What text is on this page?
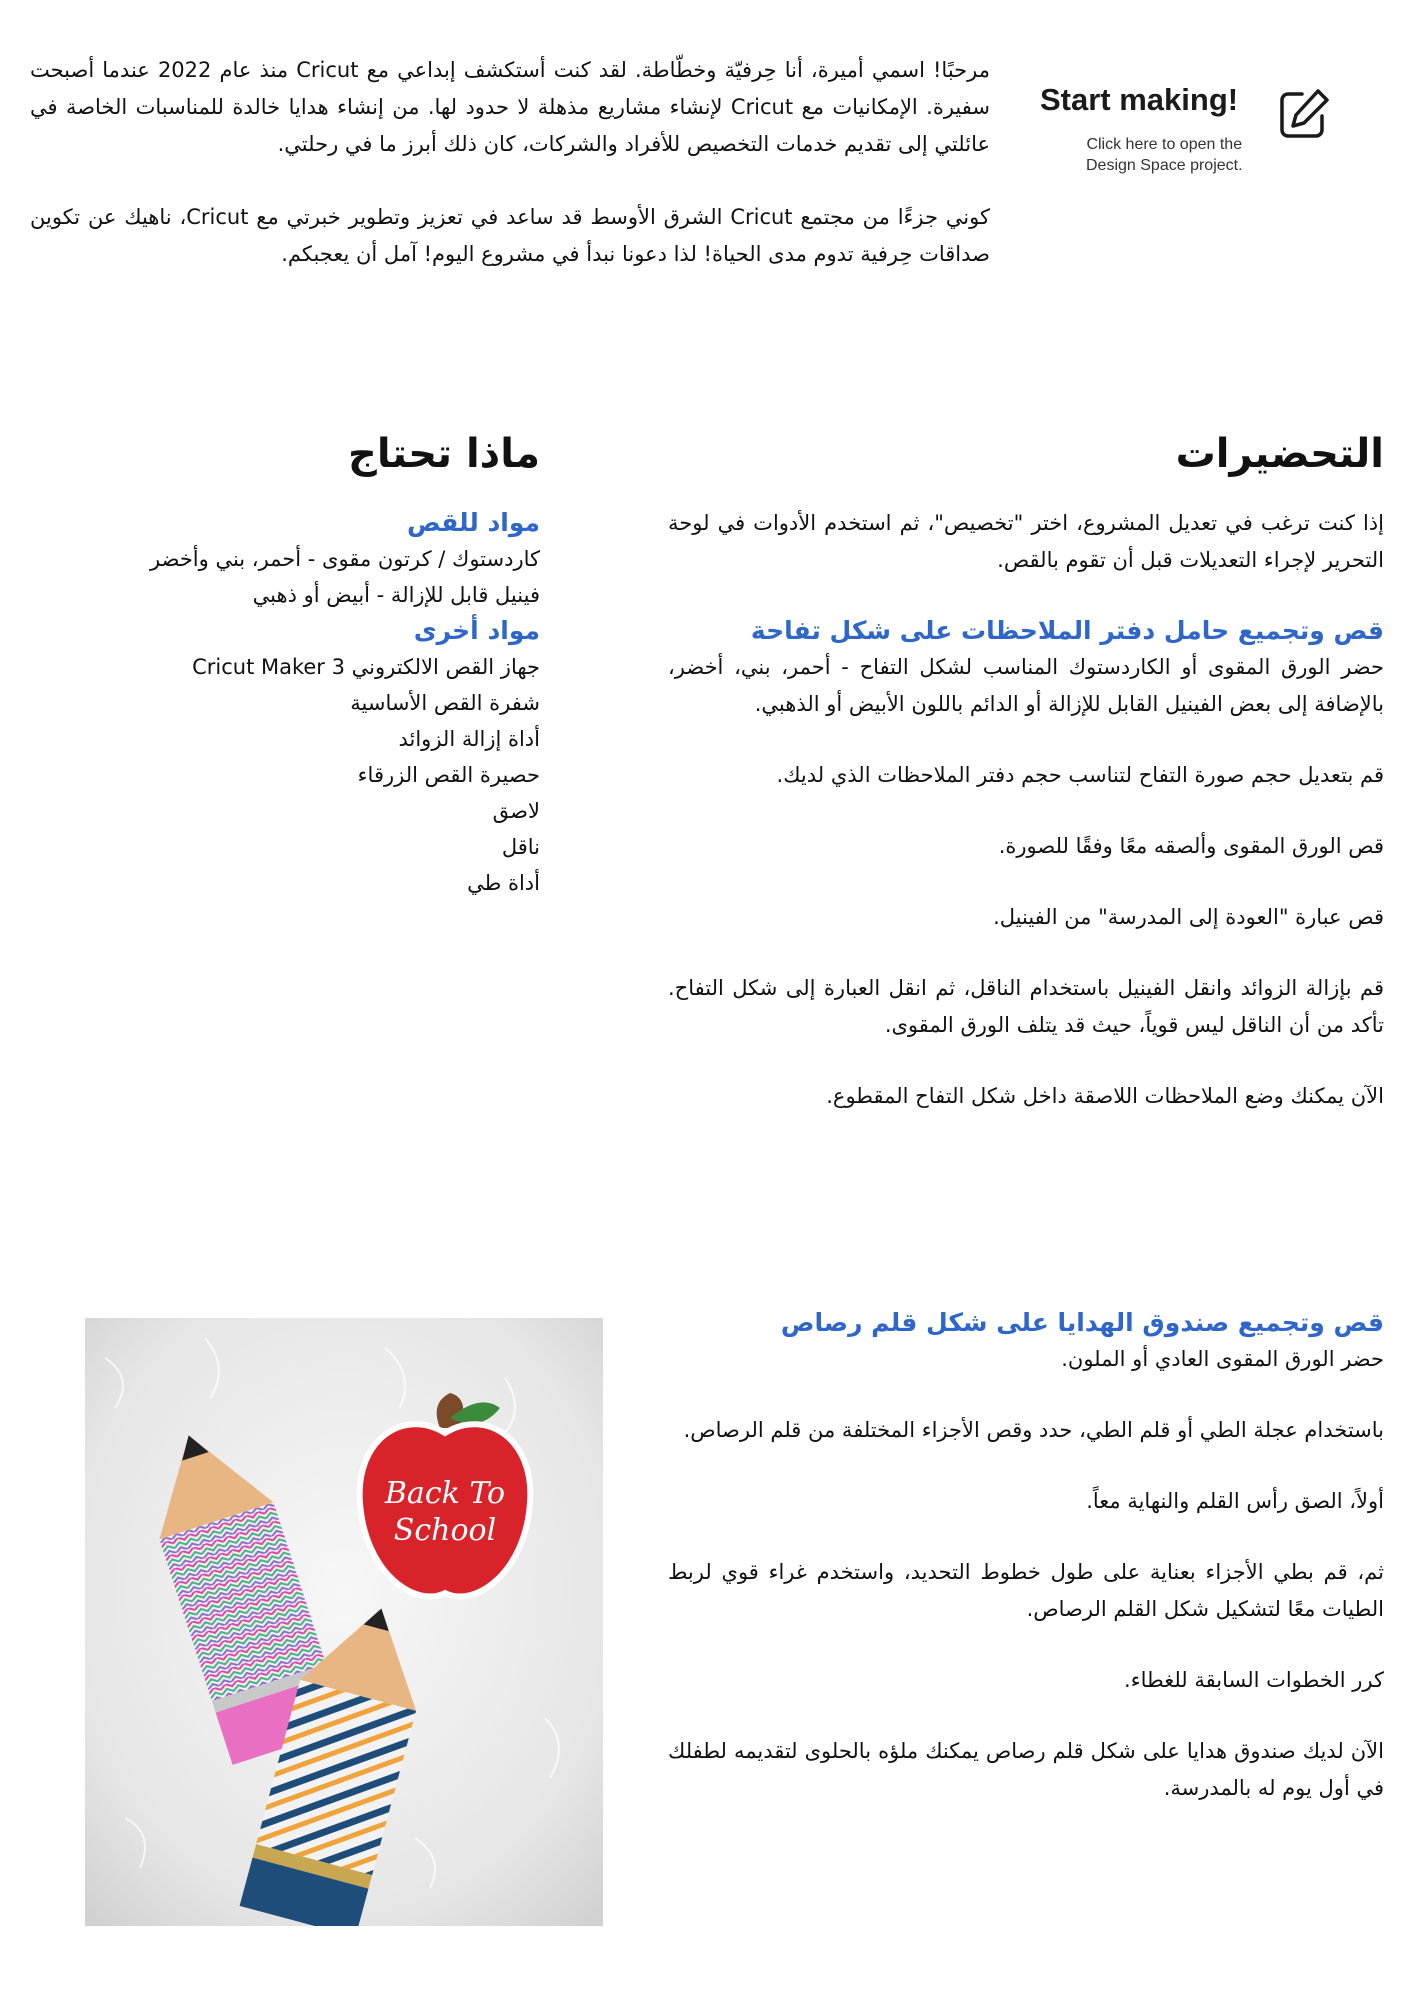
مرحبًا! اسمي أميرة، أنا حِرفيّة وخطّاطة. لقد كنت أستكشف إبداعي مع Cricut منذ عام 2022 عندما أصبحت سفيرة. الإمكانيات مع Cricut لإنشاء مشاريع مذهلة لا حدود لها. من إنشاء هدايا خالدة للمناسبات الخاصة في عائلتي إلى تقديم خدمات التخصيص للأفراد والشركات، كان ذلك أبرز ما في رحلتي.

كوني جزءًا من مجتمع Cricut الشرق الأوسط قد ساعد في تعزيز وتطوير خبرتي مع Cricut، ناهيك عن تكوين صداقات حِرفية تدوم مدى الحياة! لذا دعونا نبدأ في مشروع اليوم! آمل أن يعجبكم.

Start making!
Click here to open the
Design Space project.
التحضيرات
ماذا تحتاج

إذا كنت ترغب في تعديل المشروع، اختر "تخصيص"، ثم استخدم الأدوات في لوحة التحرير لإجراء التعديلات قبل أن تقوم بالقص.

قص وتجميع حامل دفتر الملاحظات على شكل تفاحة

حضر الورق المقوى أو الكاردستوك المناسب لشكل التفاح - أحمر، بني، أخضر، بالإضافة إلى بعض الفينيل القابل للإزالة أو الدائم باللون الأبيض أو الذهبي.

قم بتعديل حجم صورة التفاح لتناسب حجم دفتر الملاحظات الذي لديك.

قص الورق المقوى وألصقه معًا وفقًا للصورة.

قص عبارة "العودة إلى المدرسة" من الفينيل.

قم بإزالة الزوائد وانقل الفينيل باستخدام الناقل، ثم انقل العبارة إلى شكل التفاح. تأكد من أن الناقل ليس قوياً، حيث قد يتلف الورق المقوى.

الآن يمكنك وضع الملاحظات اللاصقة داخل شكل التفاح المقطوع.

قص وتجميع صندوق الهدايا على شكل قلم رصاص

حضر الورق المقوى العادي أو الملون.

باستخدام عجلة الطي أو قلم الطي، حدد وقص الأجزاء المختلفة من قلم الرصاص.

أولاً، الصق رأس القلم والنهاية معاً.

ثم، قم بطي الأجزاء بعناية على طول خطوط التحديد، واستخدم غراء قوي لربط الطيات معًا لتشكيل شكل القلم الرصاص.

كرر الخطوات السابقة للغطاء.

الآن لديك صندوق هدايا على شكل قلم رصاص يمكنك ملؤه بالحلوى لتقديمه لطفلك في أول يوم له بالمدرسة.

مواد للقص
كاردستوك / كرتون مقوى - أحمر، بني وأخضر
فينيل قابل للإزالة - أبيض أو ذهبي
مواد أخرى
جهاز القص الالكتروني Cricut Maker 3
شفرة القص الأساسية
أداة إزالة الزوائد
حصيرة القص الزرقاء
لاصق
ناقل
أداة طي
Back To
School
